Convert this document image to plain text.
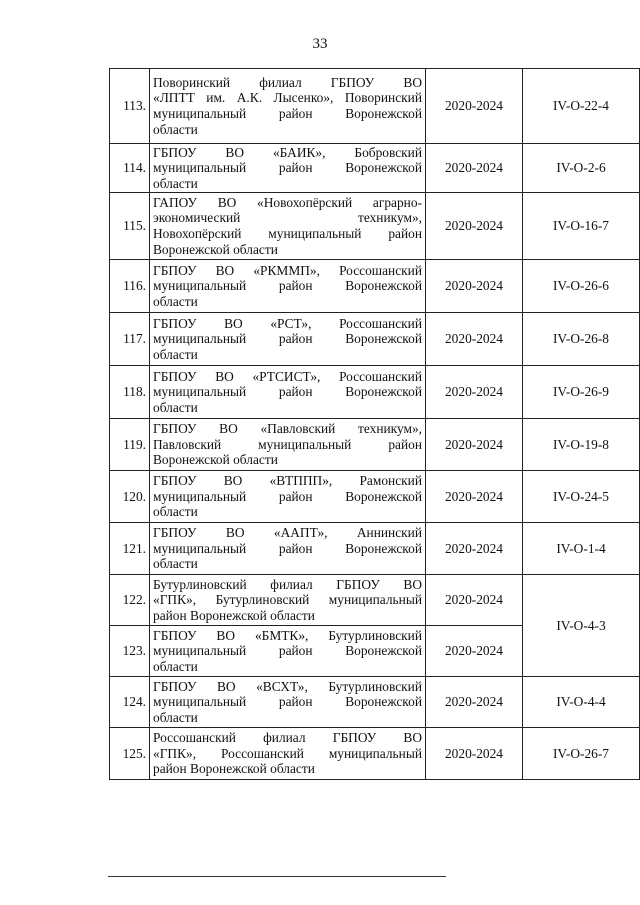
33
113.	Поворинский филиал ГБПОУ ВО
«ЛПТТ им. А.К. Лысенко», Поворинский
муниципальный район Воронежской
области	2020-2024	IV-O-22-4
114.	ГБПОУ ВО «БАИК», Бобровский
муниципальный район Воронежской
области	2020-2024	IV-O-2-6
115.	ГАПОУ ВО «Новохопёрский аграрно-
экономический техникум»,
Новохопёрский муниципальный район
Воронежской области	2020-2024	IV-O-16-7
116.	ГБПОУ ВО «РКММП», Россошанский
муниципальный район Воронежской
области	2020-2024	IV-O-26-6
117.	ГБПОУ ВО «РСТ», Россошанский
муниципальный район Воронежской
области	2020-2024	IV-O-26-8
118.	ГБПОУ ВО «РТСИСТ», Россошанский
муниципальный район Воронежской
области	2020-2024	IV-O-26-9
119.	ГБПОУ ВО «Павловский техникум»,
Павловский муниципальный район
Воронежской области	2020-2024	IV-O-19-8
120.	ГБПОУ ВО «ВТППП», Рамонский
муниципальный район Воронежской
области	2020-2024	IV-O-24-5
121.	ГБПОУ ВО «ААПТ», Аннинский
муниципальный район Воронежской
области	2020-2024	IV-O-1-4
122.	Бутурлиновский филиал ГБПОУ ВО
«ГПК», Бутурлиновский муниципальный
район Воронежской области	2020-2024	IV-O-4-3
123.	ГБПОУ ВО «БМТК», Бутурлиновский
муниципальный район Воронежской
области	2020-2024	
124.	ГБПОУ ВО «ВСХТ», Бутурлиновский
муниципальный район Воронежской
области	2020-2024	IV-O-4-4
125.	Россошанский филиал ГБПОУ ВО
«ГПК», Россошанский муниципальный
район Воронежской области	2020-2024	IV-O-26-7
